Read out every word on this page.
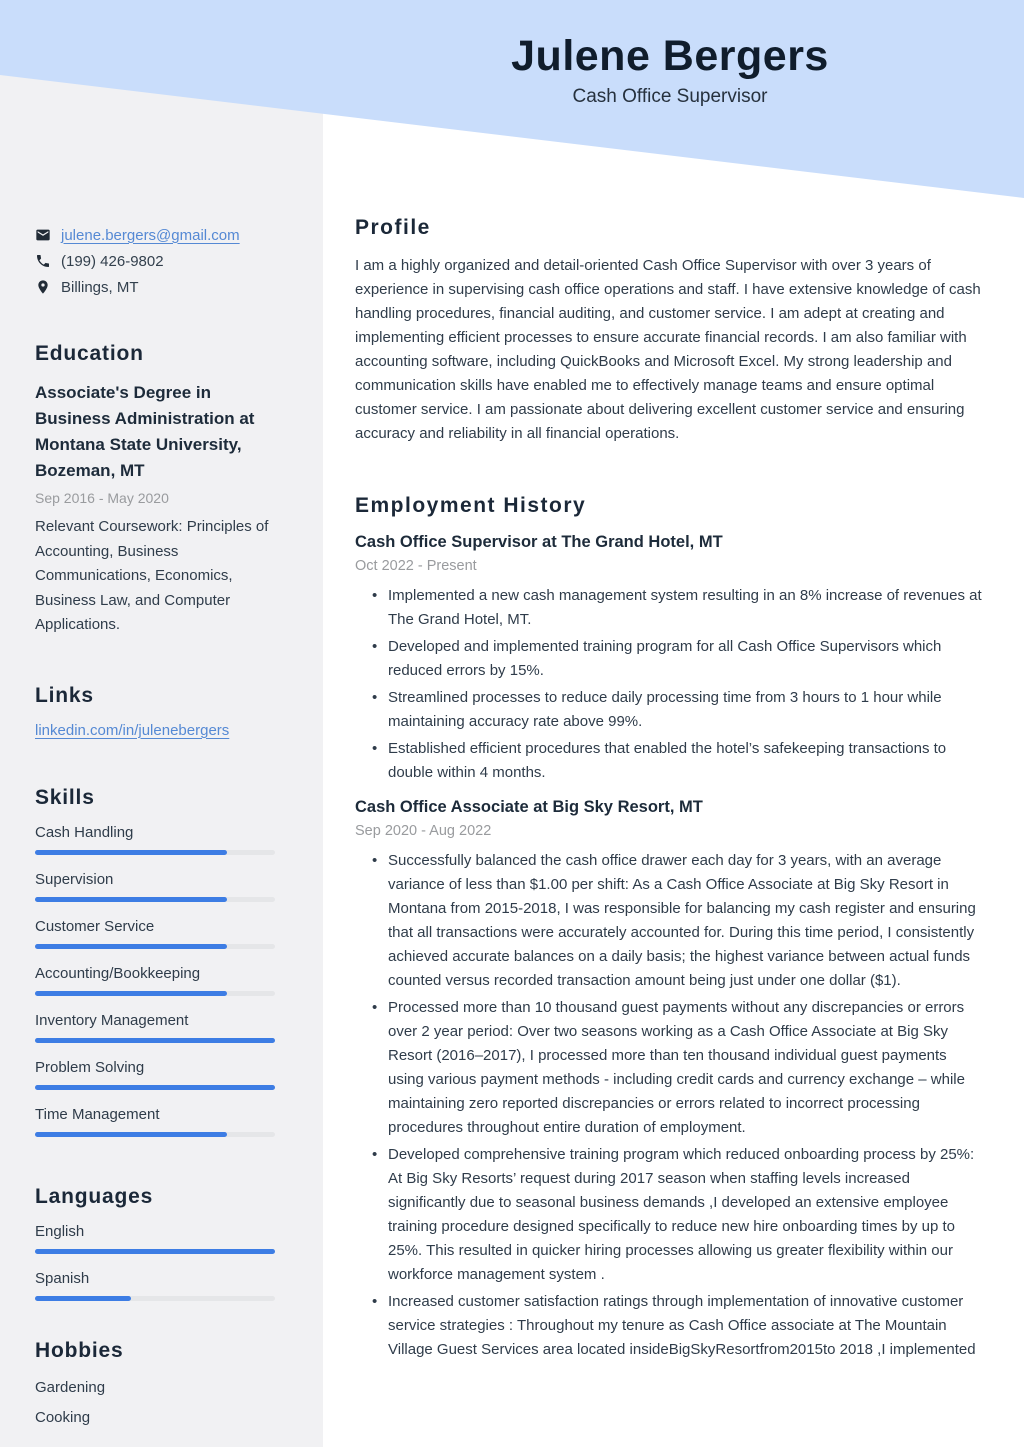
Julene Bergers
Cash Office Supervisor
julene.bergers@gmail.com
(199) 426-9802
Billings, MT
Education
Associate's Degree in Business Administration at Montana State University, Bozeman, MT
Sep 2016 - May 2020
Relevant Coursework: Principles of Accounting, Business Communications, Economics, Business Law, and Computer Applications.
Links
linkedin.com/in/julenebergers
Skills
Cash Handling
Supervision
Customer Service
Accounting/Bookkeeping
Inventory Management
Problem Solving
Time Management
Languages
English
Spanish
Hobbies
Gardening
Cooking
Profile
I am a highly organized and detail-oriented Cash Office Supervisor with over 3 years of experience in supervising cash office operations and staff. I have extensive knowledge of cash handling procedures, financial auditing, and customer service. I am adept at creating and implementing efficient processes to ensure accurate financial records. I am also familiar with accounting software, including QuickBooks and Microsoft Excel. My strong leadership and communication skills have enabled me to effectively manage teams and ensure optimal customer service. I am passionate about delivering excellent customer service and ensuring accuracy and reliability in all financial operations.
Employment History
Cash Office Supervisor at The Grand Hotel, MT
Oct 2022 - Present
• Implemented a new cash management system resulting in an 8% increase of revenues at The Grand Hotel, MT.
• Developed and implemented training program for all Cash Office Supervisors which reduced errors by 15%.
• Streamlined processes to reduce daily processing time from 3 hours to 1 hour while maintaining accuracy rate above 99%.
• Established efficient procedures that enabled the hotel’s safekeeping transactions to double within 4 months.
Cash Office Associate at Big Sky Resort, MT
Sep 2020 - Aug 2022
• Successfully balanced the cash office drawer each day for 3 years, with an average variance of less than $1.00 per shift: As a Cash Office Associate at Big Sky Resort in Montana from 2015-2018, I was responsible for balancing my cash register and ensuring that all transactions were accurately accounted for. During this time period, I consistently achieved accurate balances on a daily basis; the highest variance between actual funds counted versus recorded transaction amount being just under one dollar ($1).
• Processed more than 10 thousand guest payments without any discrepancies or errors over 2 year period: Over two seasons working as a Cash Office Associate at Big Sky Resort (2016–2017), I processed more than ten thousand individual guest payments using various payment methods - including credit cards and currency exchange – while maintaining zero reported discrepancies or errors related to incorrect processing procedures throughout entire duration of employment.
• Developed comprehensive training program which reduced onboarding process by 25%: At Big Sky Resorts’ request during 2017 season when staffing levels increased significantly due to seasonal business demands ,I developed an extensive employee training procedure designed specifically to reduce new hire onboarding times by up to 25%. This resulted in quicker hiring processes allowing us greater flexibility within our workforce management system .
• Increased customer satisfaction ratings through implementation of innovative customer service strategies : Throughout my tenure as Cash Office associate at The Mountain Village Guest Services area located insideBigSkyResortfrom2015to 2018 ,I implemented
